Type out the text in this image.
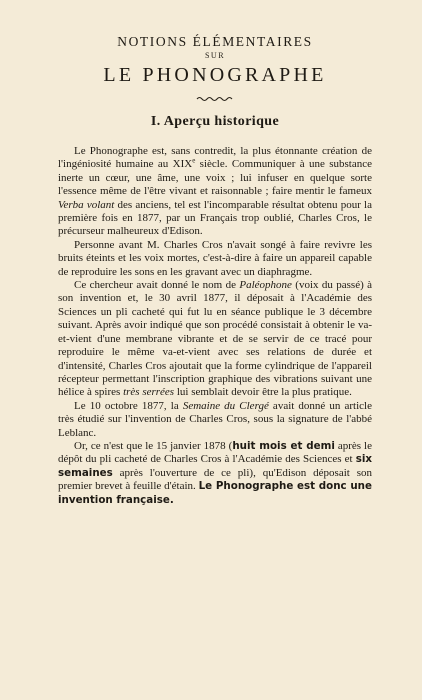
NOTIONS ÉLÉMENTAIRES
SUR
LE PHONOGRAPHE
I. Aperçu historique

Le Phonographe est, sans contredit, la plus étonnante création de l'ingéniosité humaine au XIXe siècle. Communiquer à une substance inerte un cœur, une âme, une voix ; lui infuser en quelque sorte l'essence même de l'être vivant et raisonnable ; faire mentir le fameux Verba volant des anciens, tel est l'incomparable résultat obtenu pour la première fois en 1877, par un Français trop oublié, Charles Cros, le précurseur malheureux d'Edison.

Personne avant M. Charles Cros n'avait songé à faire revivre les bruits éteints et les voix mortes, c'est-à-dire à faire un appareil capable de reproduire les sons en les gravant avec un diaphragme.

Ce chercheur avait donné le nom de Paléophone (voix du passé) à son invention et, le 30 avril 1877, il déposait à l'Académie des Sciences un pli cacheté qui fut lu en séance publique le 3 décembre suivant. Après avoir indiqué que son procédé consistait à obtenir le va-et-vient d'une membrane vibrante et de se servir de ce tracé pour reproduire le même va-et-vient avec ses relations de durée et d'intensité, Charles Cros ajoutait que la forme cylindrique de l'appareil récepteur permettant l'inscription graphique des vibrations suivant une hélice à spires très serrées lui semblait devoir être la plus pratique.

Le 10 octobre 1877, la Semaine du Clergé avait donné un article très étudié sur l'invention de Charles Cros, sous la signature de l'abbé Leblanc.

Or, ce n'est que le 15 janvier 1878 (huit mois et demi après le dépôt du pli cacheté de Charles Cros à l'Académie des Sciences et six semaines après l'ouverture de ce pli), qu'Edison déposait son premier brevet à feuille d'étain. Le Phonographe est donc une invention française.
